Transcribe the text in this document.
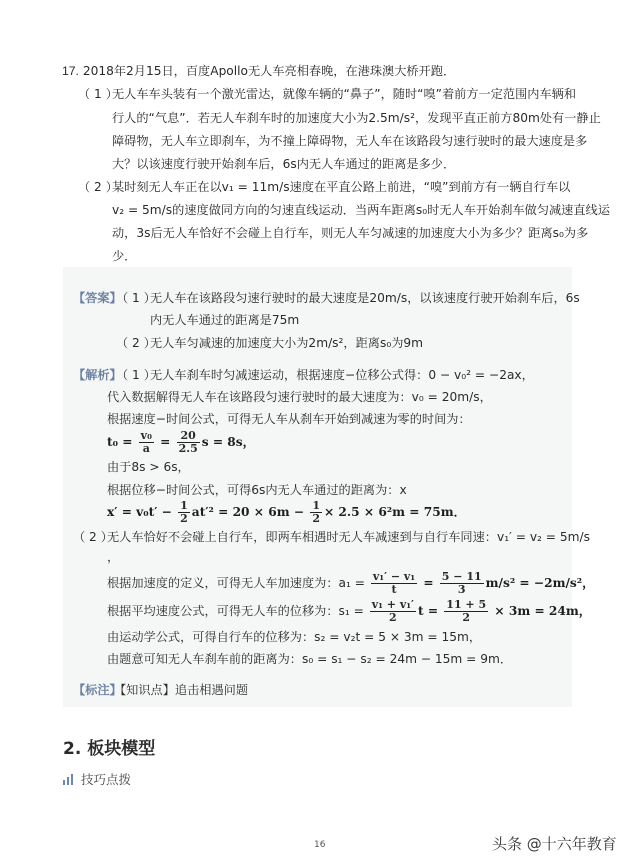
17. 2018年2月15日，百度Apollo无人车亮相春晚，在港珠澳大桥开跑．
（ 1 ）
无人车车头装有一个激光雷达，就像车辆的“鼻子”，随时“嗅”着前方一定范围内车辆和
行人的“气息”．若无人车刹车时的加速度大小为2.5m/s²，发现平直正前方80m处有一静止
障碍物，无人车立即刹车，为不撞上障碍物，无人车在该路段匀速行驶时的最大速度是多
大？以该速度行驶开始刹车后，6s内无人车通过的距离是多少．
（ 2 ）
某时刻无人车正在以v₁ = 11m/s速度在平直公路上前进，“嗅”到前方有一辆自行车以
v₂ = 5m/s的速度做同方向的匀速直线运动．当两车距离s₀时无人车开始刹车做匀减速直线运
动，3s后无人车恰好不会碰上自行车，则无人车匀减速的加速度大小为多少？距离s₀为多
少．
【答案】
（ 1 ）
无人车在该路段匀速行驶时的最大速度是20m/s，以该速度行驶开始刹车后，6s
内无人车通过的距离是75m
（ 2 ）
无人车匀减速的加速度大小为2m/s²，距离s₀为9m
【解析】
（ 1 ）
无人车刹车时匀减速运动，根据速度−位移公式得：0 − v₀² = −2ax，
代入数据解得无人车在该路段匀速行驶时的最大速度为：v₀ = 20m/s，
根据速度−时间公式，可得无人车从刹车开始到减速为零的时间为：
$t_0 = \frac{\text{v₀}}{a} = \frac{20}{2.5}$ s = 8s，
由于8s > 6s，
根据位移−时间公式，可得6s内无人车通过的距离为：x
$x' = v_0t' - \frac{1}{2} at'^2 = 20 \times 6m - \frac{1}{2} \times 2.5 \times 6^2m = 75m$．
（ 2 ）
无人车恰好不会碰上自行车，即两车相遇时无人车减速到与自行车同速：v₁′ = v₂ = 5m/s
，
根据加速度的定义，可得无人车加速度为：$a_1 = \frac{\text{v₁′ − v₁}}{t} = \frac{5 - 11}{3} m/s^2 = -2m/s^2$，
根据平均速度公式，可得无人车的位移为：$s_1 = \frac{\text{v₁ + v₁′}}{2}$ $t = \frac{11 + 5}{2} \times 3m = 24m$，
由运动学公式，可得自行车的位移为：s₂ = v₂t = 5 × 3m = 15m，
由题意可知无人车刹车前的距离为：s₀ = s₁ − s₂ = 24m − 15m = 9m．
【标注】
【知识点】追击相遇问题
2. 板块模型
技巧点拨
16	头条 @十六年教育
